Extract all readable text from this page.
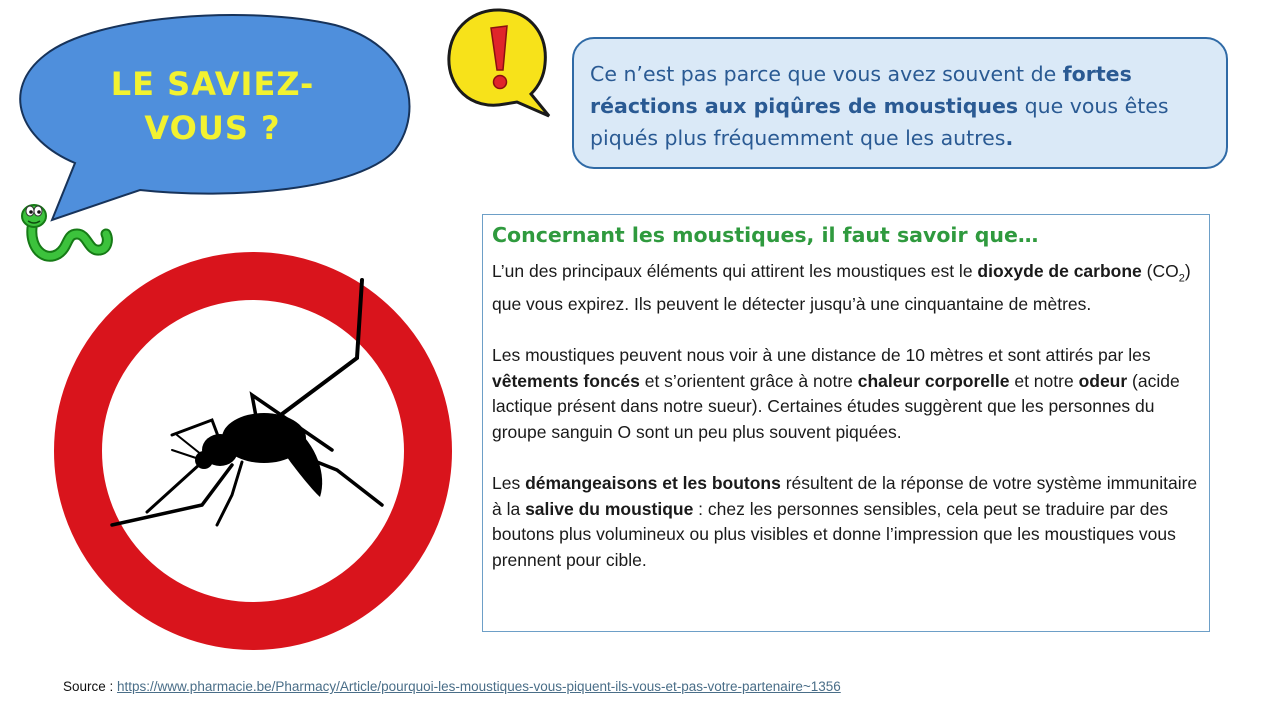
LE SAVIEZ-
VOUS ?
Ce n’est pas parce que vous avez souvent de fortes réactions aux piqûres de moustiques que vous êtes piqués plus fréquemment que les autres.
Concernant les moustiques, il faut savoir que…

L’un des principaux éléments qui attirent les moustiques est le dioxyde de carbone $(CO_2)$ que vous expirez. Ils peuvent le détecter jusqu’à une cinquantaine de mètres.

Les moustiques peuvent nous voir à une distance de 10 mètres et sont attirés par les vêtements foncés et s’orientent grâce à notre chaleur corporelle et notre odeur (acide lactique présent dans notre sueur). Certaines études suggèrent que les personnes du groupe sanguin O sont un peu plus souvent piquées.

Les démangeaisons et les boutons résultent de la réponse de votre système immunitaire à la salive du moustique : chez les personnes sensibles, cela peut se traduire par des boutons plus volumineux ou plus visibles et donne l’impression que les moustiques vous prennent pour cible.

Source : https://www.pharmacie.be/Pharmacy/Article/pourquoi-les-moustiques-vous-piquent-ils-vous-et-pas-votre-partenaire~1356
